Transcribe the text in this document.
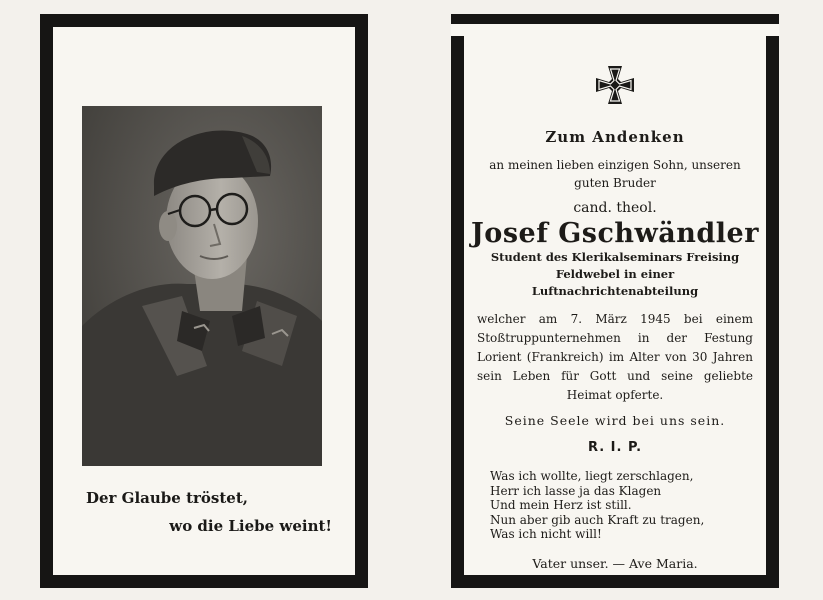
Der Glaube tröstet,
wo die Liebe weint!
Zum Andenken
an meinen lieben einzigen Sohn, unseren guten Bruder
cand. theol.
Josef Gschwändler
Student des Klerikalseminars Freising
Feldwebel in einer Luftnachrichtenabteilung
welcher am 7. März 1945 bei einem Stoßtruppunternehmen in der Festung Lorient (Frankreich) im Alter von 30 Jahren sein Leben für Gott und seine geliebte Heimat opferte.
Seine Seele wird bei uns sein.
R. I. P.
Was ich wollte, liegt zerschlagen,
Herr ich lasse ja das Klagen
Und mein Herz ist still.
Nun aber gib auch Kraft zu tragen,
Was ich nicht will!
Vater unser. — Ave Maria.
